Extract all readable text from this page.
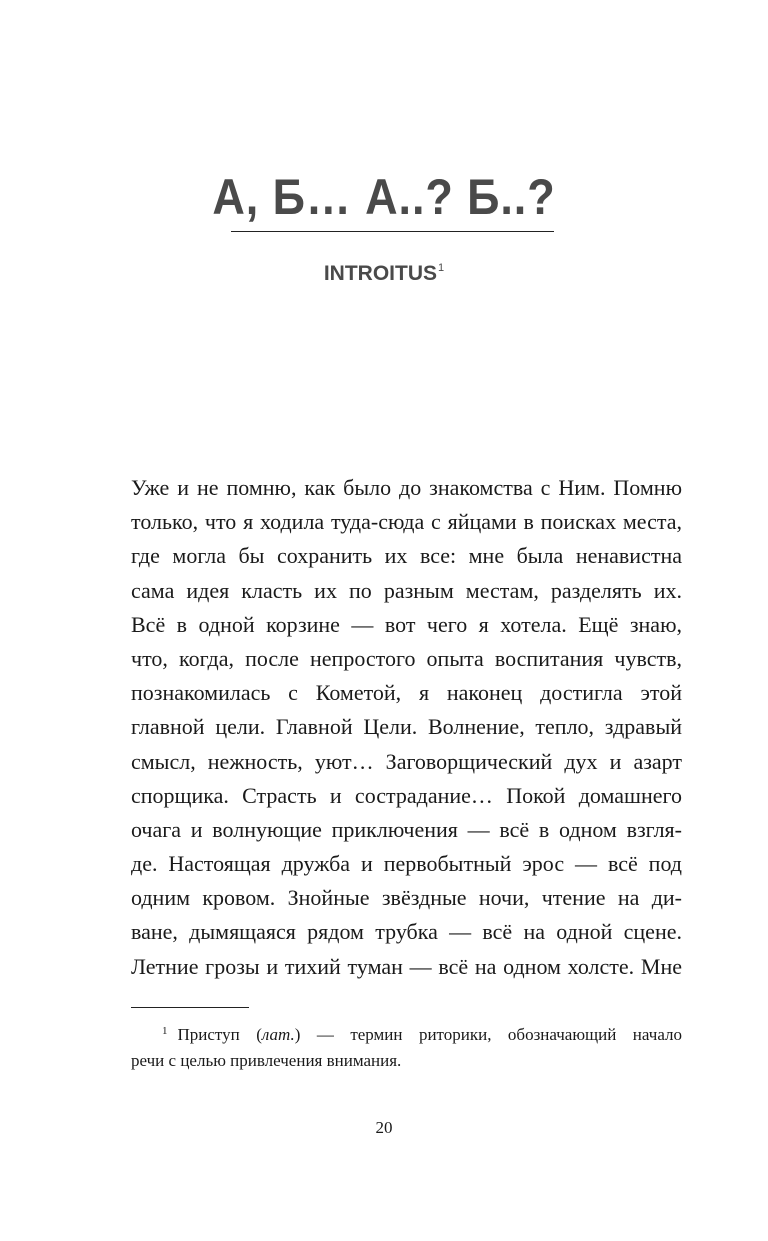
А, Б… А..? Б..?
INTROITUS$^1$
Уже и не помню, как было до знакомства с Ним. Помню
только, что я ходила туда-сюда с яйцами в поисках места,
где могла бы сохранить их все: мне была ненавистна
сама идея класть их по разным местам, разделять их.
Всё в одной корзине — вот чего я хотела. Ещё знаю,
что, когда, после непростого опыта воспитания чувств,
познакомилась с Кометой, я наконец достигла этой
главной цели. Главной Цели. Волнение, тепло, здравый
смысл, нежность, уют… Заговорщический дух и азарт
спорщика. Страсть и сострадание… Покой домашнего
очага и волнующие приключения — всё в одном взгля-
де. Настоящая дружба и первобытный эрос — всё под
одним кровом. Знойные звёздные ночи, чтение на ди-
ване, дымящаяся рядом трубка — всё на одной сцене.
Летние грозы и тихий туман — всё на одном холсте. Мне
$^1$ Приступ (лат.) — термин риторики, обозначающий начало
речи с целью привлечения внимания.
20
